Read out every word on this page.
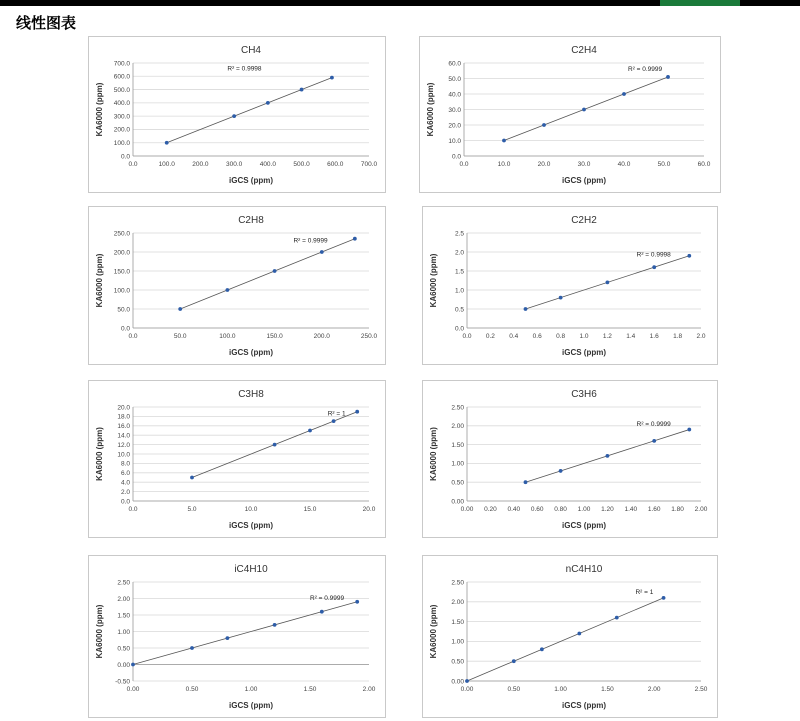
线性图表
CH4
0.0
100.0
200.0
300.0
400.0
500.0
600.0
700.0
0.0	100.0	200.0	300.0	400.0	500.0	600.0	700.0
R² = 0.9998
iGCS (ppm)
KA6000 (ppm)
C2H4
0.0
10.0
20.0
30.0
40.0
50.0
60.0
0.0	10.0	20.0	30.0	40.0	50.0	60.0
R² = 0.9999
iGCS (ppm)
KA6000 (ppm)
C2H8
0.0
50.0
100.0
150.0
200.0
250.0
0.0	50.0	100.0	150.0	200.0	250.0
R² = 0.9999
iGCS (ppm)
KA6000 (ppm)
C2H2
0.0
0.5
1.0
1.5
2.0
2.5
0.0 0.2 0.4 0.6 0.8 1.0 1.2 1.4 1.6 1.8 2.0
R² = 0.9998
iGCS (ppm)
KA6000 (ppm)
C3H8
0.0
2.0
4.0
6.0
8.0
10.0
12.0
14.0
16.0
18.0
20.0
0.0	5.0	10.0	15.0	20.0
R² = 1
iGCS (ppm)
KA6000 (ppm)
C3H6
0.00
0.50
1.00
1.50
2.00
2.50
0.00 0.20 0.40 0.60 0.80 1.00 1.20 1.40 1.60 1.80 2.00
R² = 0.9999
iGCS (ppm)
KA6000 (ppm)
iC4H10
-0.50
0.00
0.50
1.00
1.50
2.00
2.50
0.00	0.50	1.00	1.50	2.00
R² = 0.9999
iGCS (ppm)
KA6000 (ppm)
nC4H10
0.00
0.50
1.00
1.50
2.00
2.50
0.00	0.50	1.00	1.50	2.00	2.50
R² = 1
iGCS (ppm)
KA6000 (ppm)
